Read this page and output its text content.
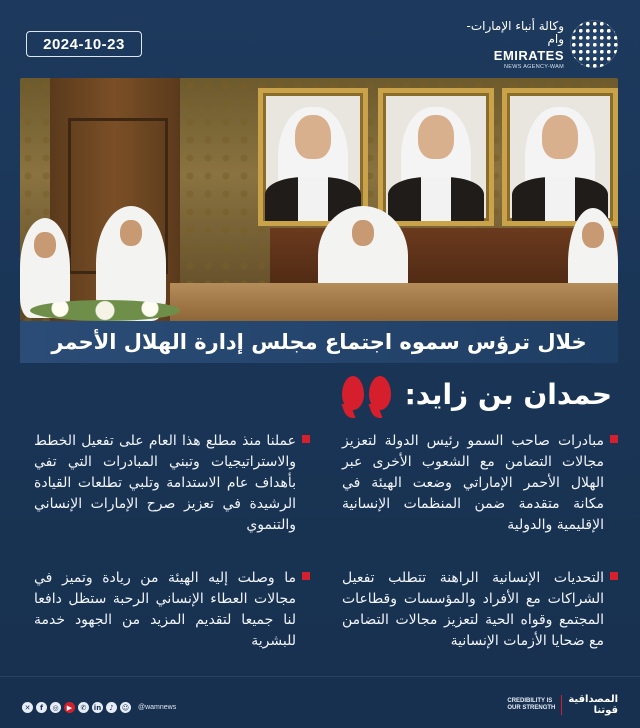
2024-10-23
وكالة أنباء الإمارات-وام
EMIRATES
NEWS AGENCY-WAM
خلال ترؤس سموه اجتماع مجلس إدارة الهلال الأحمر
حمدان بن زايد:

مبادرات صاحب السمو رئيس الدولة لتعزيز مجالات التضامن مع الشعوب الأخرى عبر الهلال الأحمر الإماراتي وضعت الهيئة في مكانة متقدمة ضمن المنظمات الإنسانية الإقليمية والدولية

التحديات الإنسانية الراهنة تتطلب تفعيل الشراكات مع الأفراد والمؤسسات وقطاعات المجتمع وقواه الحية لتعزيز مجالات التضامن مع ضحايا الأزمات الإنسانية

عملنا منذ مطلع هذا العام على تفعيل الخطط والاستراتيجيات وتبني المبادرات التي تفي بأهداف عام الاستدامة وتلبي تطلعات القيادة الرشيدة في تعزيز صرح الإمارات الإنساني والتنموي

ما وصلت إليه الهيئة من ريادة وتميز في مجالات العطاء الإنساني الرحبة ستظل دافعا لنا جميعا لتقديم المزيد من الجهود خدمة للبشرية

✕	f	◎	▶	✆	in	♪	☺ @wamnews
CREDIBILITY IS
OUR STRENGTH
المصداقية
قوتنا
